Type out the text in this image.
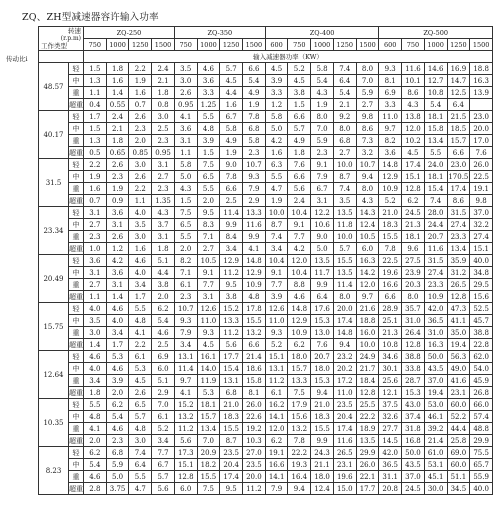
ZQ、ZH型减速器容许输入功率
传动比i
转速
(r.p.m)
工作类型		ZQ-250				ZQ-350				ZQ-400					ZQ-500				
		750	1000	1250	1500	750	1000	1250	1500	600	750	1000	1250	1500	600	750	1000	1250	1500
		输入减速器功率（KW）																	
48.57	轻	1.5	1.8	2.2	2.4	3.5	4.6	5.7	6.6	4.5	5.2	5.8	7.4	8.0	9.3	11.6	14.6	16.9	18.8
	中	1.3	1.6	1.9	2.1	3.0	3.6	4.5	5.4	3.9	4.5	5.4	6.4	7.0	8.1	10.1	12.7	14.7	16.3
	重	1.1	1.4	1.6	1.8	2.6	3.3	4.4	4.9	3.3	3.8	4.3	5.4	5.9	6.9	8.6	10.8	12.5	13.9
	超重	0.4	0.55	0.7	0.8	0.95	1.25	1.6	1.9	1.2	1.5	1.9	2.1	2.7	3.3	4.3	5.4	6.4	
40.17	轻	1.7	2.4	2.6	3.0	4.1	5.5	6.7	7.8	5.8	6.6	8.0	9.2	9.8	11.0	13.8	18.1	21.5	23.0
	中	1.5	2.1	2.3	2.5	3.6	4.8	5.8	6.8	5.0	5.7	7.0	8.0	8.6	9.7	12.0	15.8	18.5	20.0
	重	1.3	1.8	2.0	2.3	3.1	3.9	4.9	5.8	4.2	4.9	5.9	6.8	7.3	8.2	10.2	13.4	15.7	17.0
	超重	0.5	0.65	0.85	0.95	1.1	1.5	1.9	2.3	1.6	1.8	2.3	2.7	3.2	3.6	4.5	5.5	6.6	7.6
31.5	轻	2.2	2.6	3.0	3.1	5.8	7.5	9.0	10.7	6.3	7.6	9.1	10.0	10.7	14.8	17.4	24.0	23.0	26.0
	中	1.9	2.3	2.6	2.7	5.0	6.5	7.8	9.3	5.5	6.6	7.9	8.7	9.4	12.9	15.1	18.1	170.5	22.5
	重	1.6	1.9	2.2	2.3	4.3	5.5	6.6	7.9	4.7	5.6	6.7	7.4	8.0	10.9	12.8	15.4	17.4	19.1
	超重	0.7	0.9	1.1	1.35	1.5	2.0	2.5	2.9	1.9	2.4	3.1	3.5	4.3	5.2	6.2	7.4	8.6	9.8
23.34	轻	3.1	3.6	4.0	4.3	7.5	9.5	11.4	13.3	10.0	10.4	12.2	13.5	14.3	21.0	24.5	28.0	31.5	37.0
	中	2.7	3.1	3.5	3.7	6.5	8.3	9.9	11.6	8.7	9.1	10.6	11.8	12.4	18.3	21.3	24.4	27.4	32.2
	重	2.3	2.6	3.0	3.1	5.5	7.1	8.4	9.9	7.4	7.7	9.0	10.0	10.5	15.5	18.1	20.7	23.3	27.4
	超重	1.0	1.2	1.6	1.8	2.0	2.7	3.4	4.1	3.4	4.2	5.0	5.7	6.0	7.8	9.6	11.6	13.4	15.1
20.49	轻	3.6	4.2	4.6	5.1	8.2	10.5	12.9	14.8	10.4	12.0	13.5	15.5	16.3	22.5	27.5	31.5	35.9	40.0
	中	3.1	3.6	4.0	4.4	7.1	9.1	11.2	12.9	9.1	10.4	11.7	13.5	14.2	19.6	23.9	27.4	31.2	34.8
	重	2.7	3.1	3.4	3.8	6.1	7.7	9.5	10.9	7.7	8.8	9.9	11.4	12.0	16.6	20.3	23.3	26.5	29.5
	超重	1.1	1.4	1.7	2.0	2.3	3.1	3.8	4.8	3.9	4.6	6.4	8.0	9.7	6.6	8.0	10.9	12.8	15.6
15.75	轻	4.0	4.6	5.5	6.2	10.7	12.6	15.2	17.8	12.6	14.8	17.6	20.0	21.6	28.9	35.7	42.0	47.3	52.5
	中	3.5	4.0	4.8	5.4	9.3	11.0	13.3	15.5	11.0	12.9	15.3	17.4	18.8	25.1	31.0	36.5	41.1	45.7
	重	3.0	3.4	4.1	4.6	7.9	9.3	11.2	13.2	9.3	10.9	13.0	14.8	16.0	21.3	26.4	31.0	35.0	38.8
	超重	1.4	1.7	2.2	2.5	3.4	4.5	5.6	6.6	5.2	6.2	7.6	9.4	10.0	10.8	12.8	16.3	19.4	22.8
12.64	轻	4.6	5.3	6.1	6.9	13.1	16.1	17.7	21.4	15.1	18.0	20.7	23.2	24.9	34.6	38.8	50.0	56.3	62.0
	中	4.0	4.6	5.3	6.0	11.4	14.0	15.4	18.6	13.1	15.7	18.0	20.2	21.7	30.1	33.8	43.5	49.0	54.0
	重	3.4	3.9	4.5	5.1	9.7	11.9	13.1	15.8	11.2	13.3	15.3	17.2	18.4	25.6	28.7	37.0	41.6	45.9
	超重	1.8	2.0	2.6	2.9	4.1	5.3	6.8	8.1	6.1	7.5	9.4	11.0	12.8	12.1	15.3	19.4	23.1	26.8
10.35	轻	5.5	6.2	6.5	7.0	15.2	18.1	21.0	26.0	16.2	17.9	21.0	23.5	25.5	37.5	43.0	53.0	60.0	66.0
	中	4.8	5.4	5.7	6.1	13.2	15.7	18.3	22.6	14.1	15.6	18.3	20.4	22.2	32.6	37.4	46.1	52.2	57.4
	重	4.1	4.6	4.8	5.2	11.2	13.4	15.5	19.2	12.0	13.2	15.5	17.4	18.9	27.7	31.8	39.2	44.4	48.8
	超重	2.0	2.3	3.0	3.4	5.6	7.0	8.7	10.3	6.2	7.8	9.9	11.6	13.5	14.5	16.8	21.4	25.8	29.9
8.23	轻	6.2	6.8	7.4	7.7	17.3	20.9	23.5	27.0	19.1	22.2	24.3	26.5	29.9	42.0	50.0	61.0	69.0	75.5
	中	5.4	5.9	6.4	6.7	15.1	18.2	20.4	23.5	16.6	19.3	21.1	23.1	26.0	36.5	43.5	53.1	60.0	65.7
	重	4.6	5.0	5.5	5.7	12.8	15.5	17.4	20.0	14.1	16.4	18.0	19.6	22.1	31.1	37.0	45.1	51.1	55.9
	超重	2.8	3.75	4.7	5.6	6.0	7.5	9.5	11.2	7.9	9.4	12.4	15.0	17.7	20.8	24.5	30.0	34.5	40.0
